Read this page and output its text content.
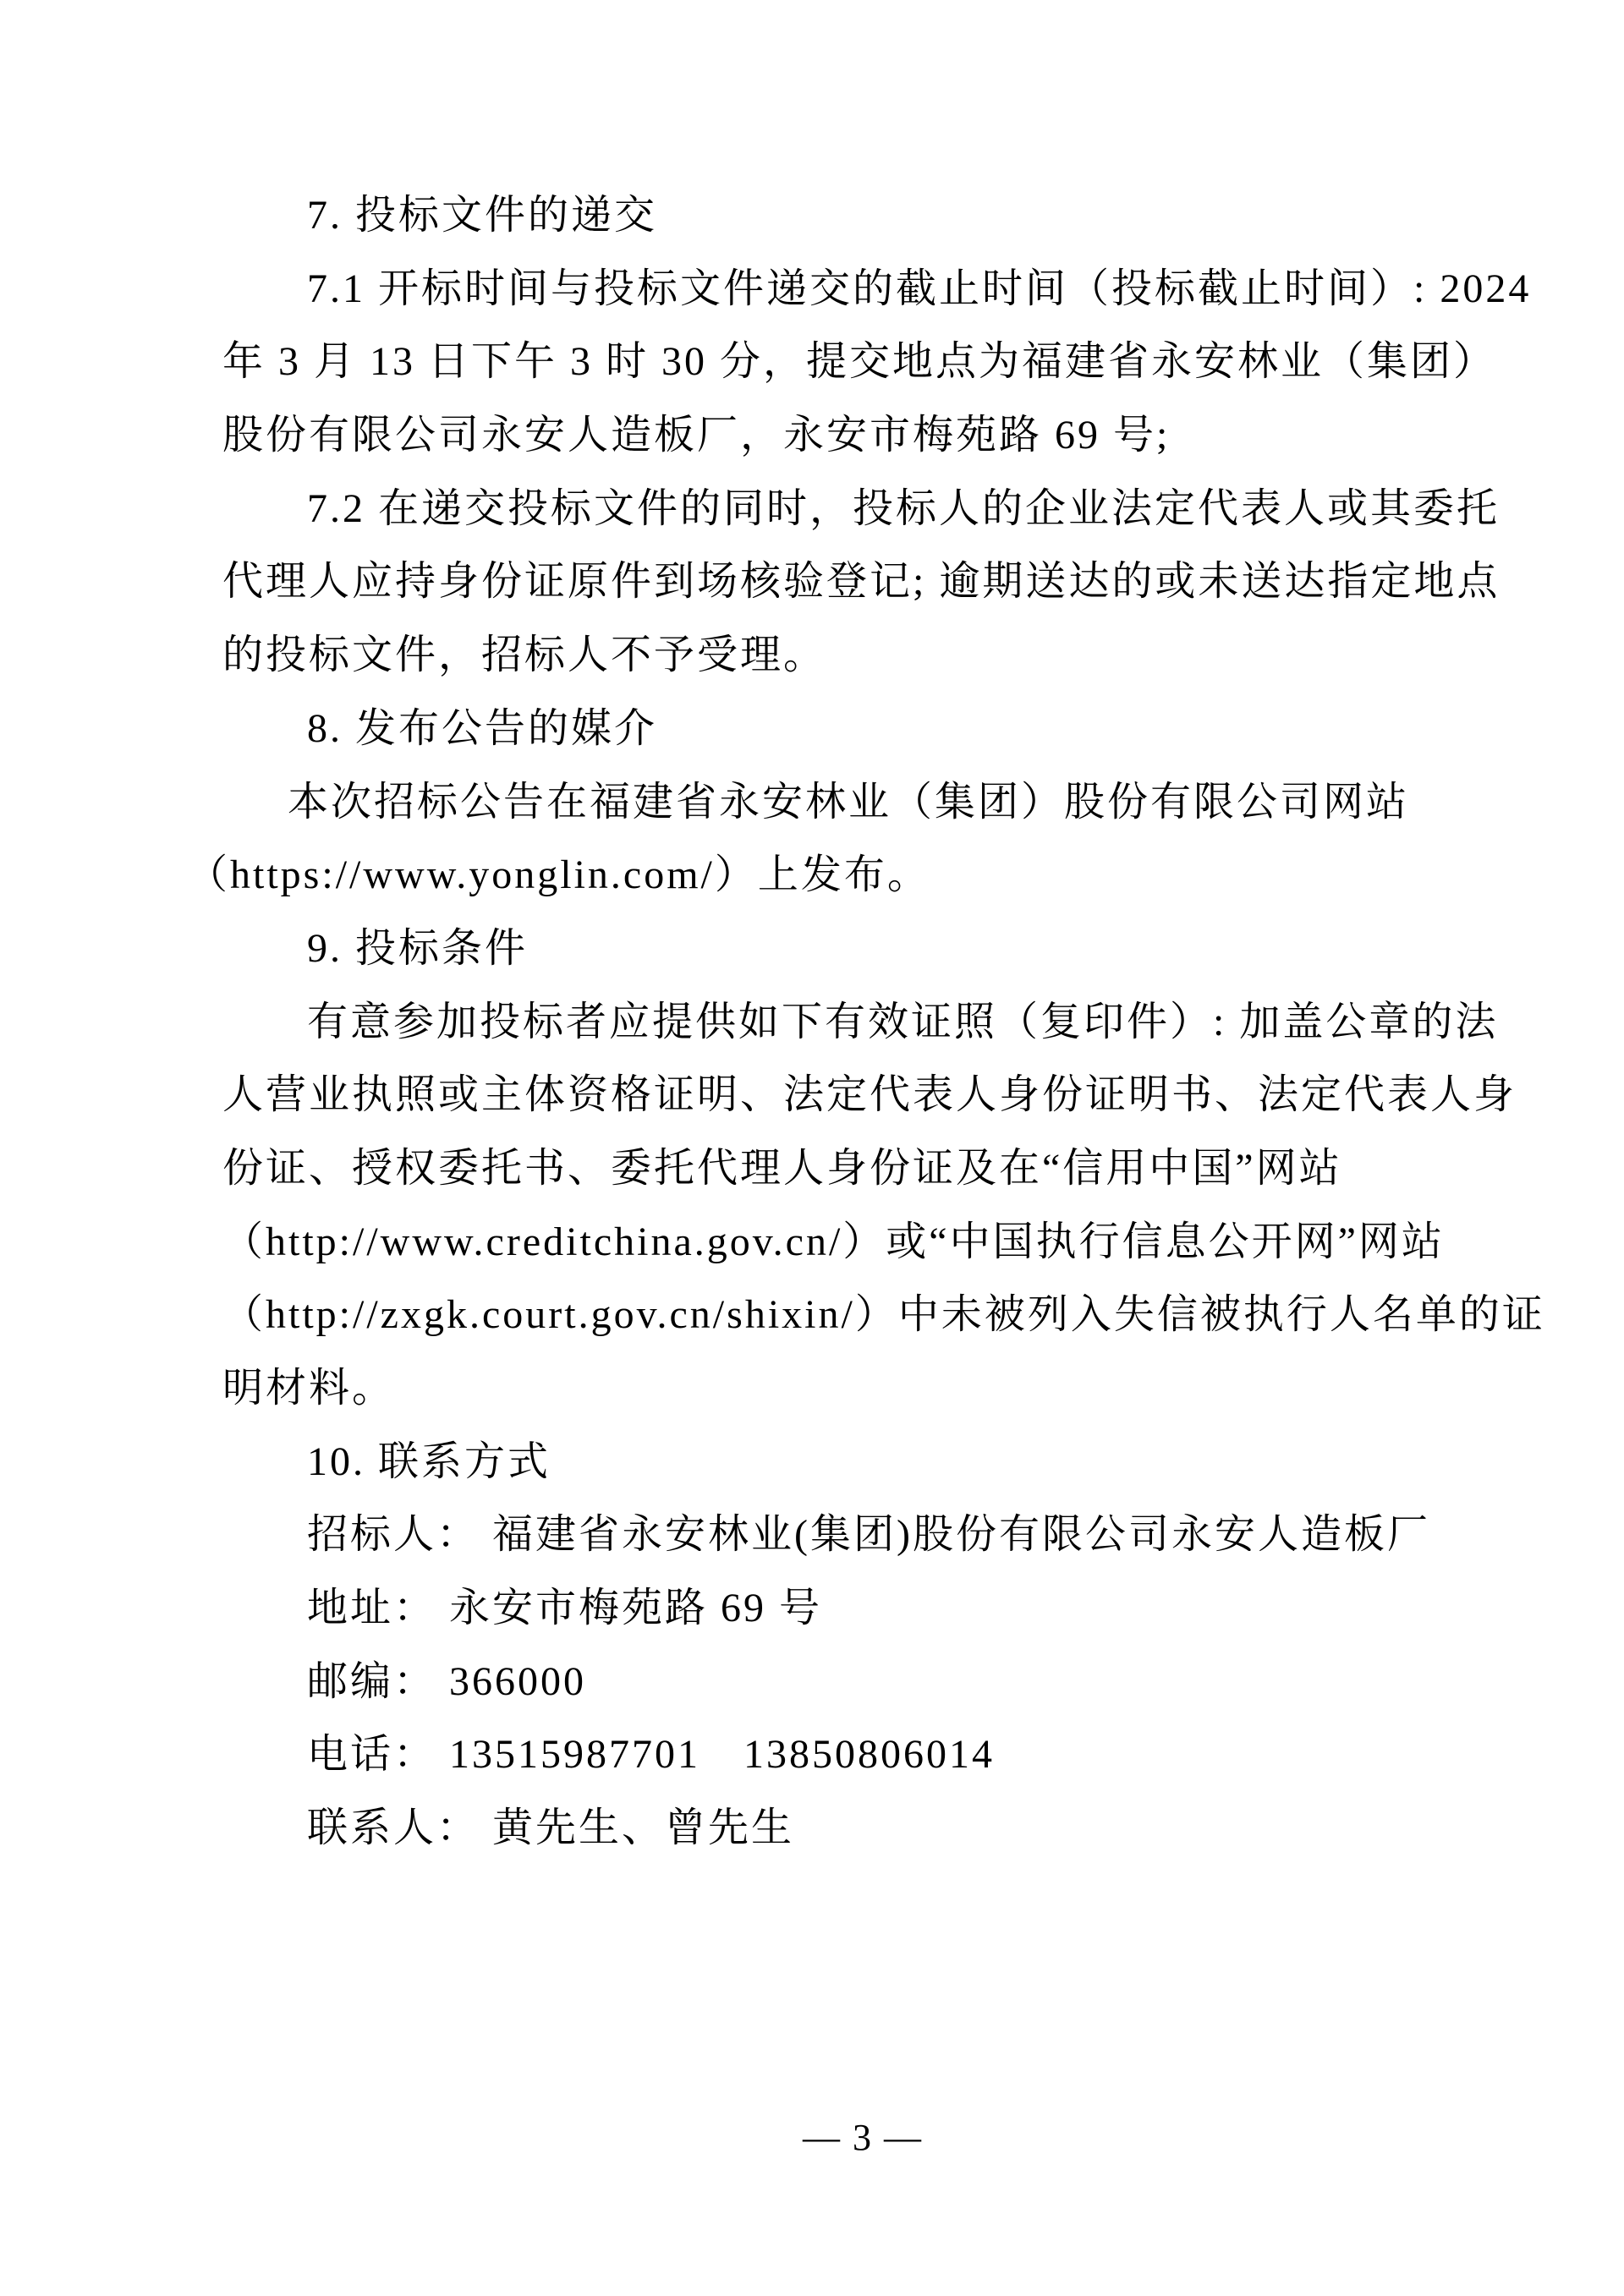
7. 投标文件的递交
7.1 开标时间与投标文件递交的截止时间（投标截止时间）: 2024
年 3 月 13 日下午 3 时 30 分，提交地点为福建省永安林业（集团）
股份有限公司永安人造板厂，永安市梅苑路 69 号;
7.2 在递交投标文件的同时，投标人的企业法定代表人或其委托
代理人应持身份证原件到场核验登记; 逾期送达的或未送达指定地点
的投标文件，招标人不予受理。
8. 发布公告的媒介
本次招标公告在福建省永安林业（集团）股份有限公司网站
（https://www.yonglin.com/）上发布。
9. 投标条件
有意参加投标者应提供如下有效证照（复印件）: 加盖公章的法
人营业执照或主体资格证明、法定代表人身份证明书、法定代表人身
份证、授权委托书、委托代理人身份证及在“信用中国”网站
（http://www.creditchina.gov.cn/）或“中国执行信息公开网”网站
（http://zxgk.court.gov.cn/shixin/）中未被列入失信被执行人名单的证
明材料。
10. 联系方式
招标人： 福建省永安林业(集团)股份有限公司永安人造板厂
地址： 永安市梅苑路 69 号
邮编： 366000
电话： 13515987701　13850806014
联系人： 黄先生、曾先生
— 3 —
